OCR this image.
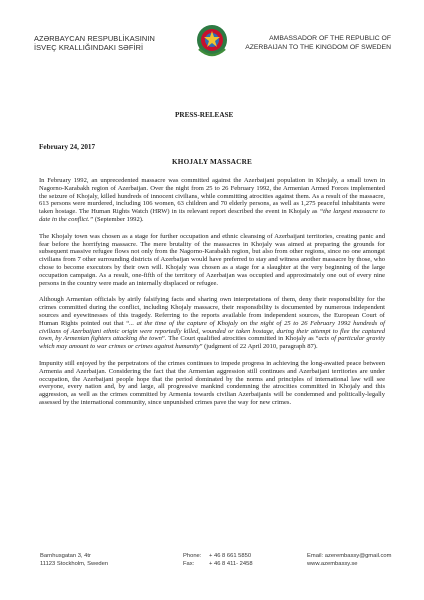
AZƏRBAYCAN RESPUBLİKASININ
İSVEÇ KRALLIĞINDAKI SƏFİRİ
AMBASSADOR OF THE REPUBLIC OF
AZERBAIJAN TO THE KINGDOM OF SWEDEN
PRESS-RELEASE
February 24, 2017
KHOJALY MASSACRE

In February 1992, an unprecedented massacre was committed against the Azerbaijani population in Khojaly, a small town in Nagorno-Karabakh region of Azerbaijan. Over the night from 25 to 26 February 1992, the Armenian Armed Forces implemented the seizure of Khojaly, killed hundreds of innocent civilians, while committing atrocities against them. As a result of the massacre, 613 persons were murdered, including 106 women, 63 children and 70 elderly persons, as well as 1,275 peaceful inhabitants were taken hostage. The Human Rights Watch (HRW) in its relevant report described the event in Khojaly as “the largest massacre to date in the conflict.” (September 1992).

The Khojaly town was chosen as a stage for further occupation and ethnic cleansing of Azerbaijani territories, creating panic and fear before the horrifying massacre. The mere brutality of the massacres in Khojaly was aimed at preparing the grounds for subsequent massive refugee flows not only from the Nagorno-Karabakh region, but also from other regions, since no one amongst civilians from 7 other surrounding districts of Azerbaijan would have preferred to stay and witness another massacre by those, who chose to become executors by their own will. Khojaly was chosen as a stage for a slaughter at the very beginning of the large occupation campaign. As a result, one-fifth of the territory of Azerbaijan was occupied and approximately one out of every nine persons in the country were made an internally displaced or refugee.

Although Armenian officials by airily falsifying facts and sharing own interpretations of them, deny their responsibility for the crimes committed during the conflict, including Khojaly massacre, their responsibility is documented by numerous independent sources and eyewitnesses of this tragedy. Referring to the reports available from independent sources, the European Court of Human Rights pointed out that “... at the time of the capture of Khojaly on the night of 25 to 26 February 1992 hundreds of civilians of Azerbaijani ethnic origin were reportedly killed, wounded or taken hostage, during their attempt to flee the captured town, by Armenian fighters attacking the town”. The Court qualified atrocities committed in Khojaly as “acts of particular gravity which may amount to war crimes or crimes against humanity” (judgment of 22 April 2010, paragraph 87).

Impunity still enjoyed by the perpetrators of the crimes continues to impede progress in achieving the long-awaited peace between Armenia and Azerbaijan. Considering the fact that the Armenian aggression still continues and Azerbaijani territories are under occupation, the Azerbaijani people hope that the period dominated by the norms and principles of international law will see everyone, every nation and, by and large, all progressive mankind condemning the atrocities committed in Khojaly and this aggression, as well as the crimes committed by Armenia towards civilian Azerbaijanis will be condemned and politically-legally assessed by the international community, since unpunished crimes pave the way for new crimes.

Barnhusgatan 3, 4tr
11123 Stockholm, Sweden
Phone: + 46 8 661 5850
Fax:	+ 46 8 411- 2458
Email: azerembassy@gmail.com
www.azembassy.se
